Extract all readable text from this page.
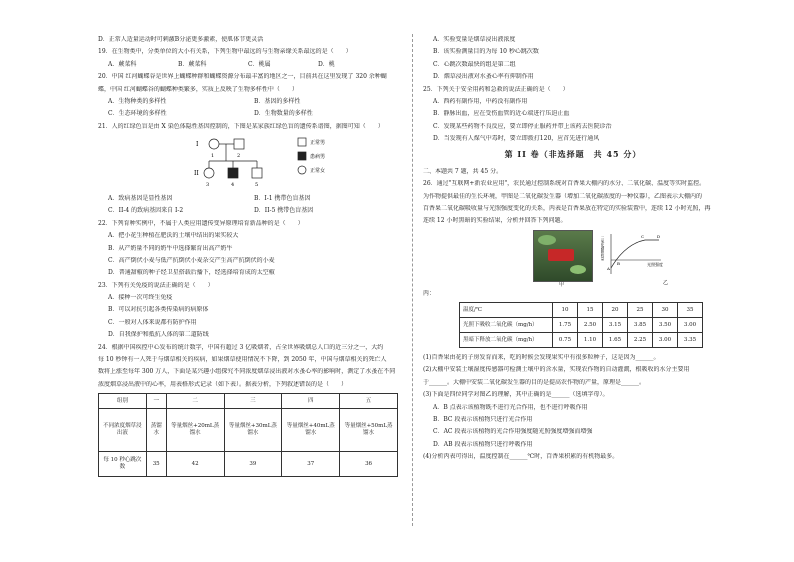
D．正常人适量运动时可刺激B分泌更多激素，使肌体节更灵活
19．在生物类中，分类单位的大小有关系，下列生物中最远的与生物亲缘关系最远的是（　　）
A．蕨菜科	B．蕨菜科	C．桃属	D．桃
20．中国 红河蝴蝶谷是世界上蝴蝶种群和蝴蝶资源分布最丰富的地区之一，目前共在这里发现了 320 余种蝴
蝶，中国 红河蝴蝶谷的蝴蝶种类繁多，实质上反映了生物多样性中（　　）
A．生物种类的多样性	B．基因的多样性
C．生态环境的多样性	D．生物数量的多样性
21．人的红绿色盲是由 X 染色体隐性基因控制的，下图是某家族红绿色盲的遗传系谱图，据图可知（　　）
I
1	2
II
3	4	5
正常男
患病男
正常女
A．致病基因是显性基因	B．I-1 携带色盲基因
C．II-4 的致病基因来自 I-2	D．II-5 携带色盲基因
22．下列育种实例中，不属于人类应用遗传变异原理培育新品种的是（　　）
A．把小花生种植在肥沃的土壤中结出的果实较大
B．从产奶量不同的奶牛中选择繁育出高产奶牛
C．高产倒伏小麦与低产抗倒伏小麦杂交产生高产抗倒伏的小麦
D．普通甜椒的种子经卫星搭载后播下，经选择培育成的太空椒
23．下列有关免疫的说法正确的是（　　）
A．接种一次可终生免疫
B．可以对抗引起各类传染病的病原体
C．一般对人体来说都有防护作用
D．自我保护和抵抗人体的第二道防线
24．根据中国疾控中心发布的统计数字，中国有超过 3 亿吸烟者，占全世界吸烟总人口的近三分之一，大约
每 10 秒钟有一人死于与烟草相关的疾病，如果烟草使用情况不下降，到 2050 年，中国与烟草相关的死亡人
数将上涨至每年 300 万人，下面是某兴趣小组探究不同浓度烟草浸出液对水蚤心率的影响时，测定了水蚤在不同
浓度烟草浸出液中的心率，用表格形式记录（如下表）。据表分析，下列叙述错误的是（　　）
组别	一	二	三	四	五
不同浓度烟草浸出液	蒸馏水	等量烟丝+20mL蒸馏水	等量烟丝+30mL蒸馏水	等量烟丝+40mL蒸馏水	等量烟丝+50mL蒸馏水
每 10 秒心跳次数	35	42	39	37	36
A．实验变量是烟草浸出液浓度
B．该实验测量目的为每 10 秒心跳次数
C．心跳次数最快的组是第二组
D．烟草浸出液对水蚤心率有抑制作用
25．下列关于安全用药和急救的说法正确的是（　　）
A．西药有副作用，中药没有副作用
B．静脉出血，应在受伤血管的近心端进行压迫止血
C．发现某些药物不良反应，要立即停止服药并带上该药去医院诊治
D．当发现有人煤气中毒时，要立即拨打120，应首先进行通风
第 II 卷（非选择题　共 45 分）
二、本题共 7 题，共 45 分。
26．通过"互联网+新农业应用"，农民通过控制系统对百香果大棚内的水分、二氧化碳、温度等实时监控。
为作物提供最佳的生长环境，甲图是二氧化碳发生器（增加二氧化碳浓度的一种仪器），乙图表示大棚内的
百香果二氧化碳吸收量与光照强度变化的关系，丙表是百香果放在特定的实验装置中，连续 12 小时光照，再
连续 12 小时黑暗的实验结果，分析并回答下列问题。
甲
A
B
C	D
光照强度
二氧化碳吸收量
乙
丙：
温度/℃	10	15	20	25	30	35
光照下吸收二氧化碳（mg/h）	1.75	2.50	3.15	3.85	3.50	3.00
黑暗下释放二氧化碳（mg/h）	0.75	1.10	1.65	2.25	3.00	3.35
(1)百香果由花的子房发育而来，吃的时候会发现果实中有很多粒种子，这是因为______。
(2)大棚中安装土壤湿度传感器可检测土壤中的含水量，实现农作物的自动灌溉，根吸收的水分主要用
于______。大棚中安装二氧化碳发生器的目的是提高农作物的产量，原理是______。
(3)下面是四位同学对图乙的理解，其中正确的是______（选填字母）。
A．B 点表示该植物既不进行光合作用，也不进行呼吸作用
B．BC 段表示该植物只进行光合作用
C．AC 段表示该植物的光合作用强度随光照强度增强而增强
D．AB 段表示该植物只进行呼吸作用
(4)分析丙表可得出，温度控制在______℃时，百香果积累的有机物最多。
